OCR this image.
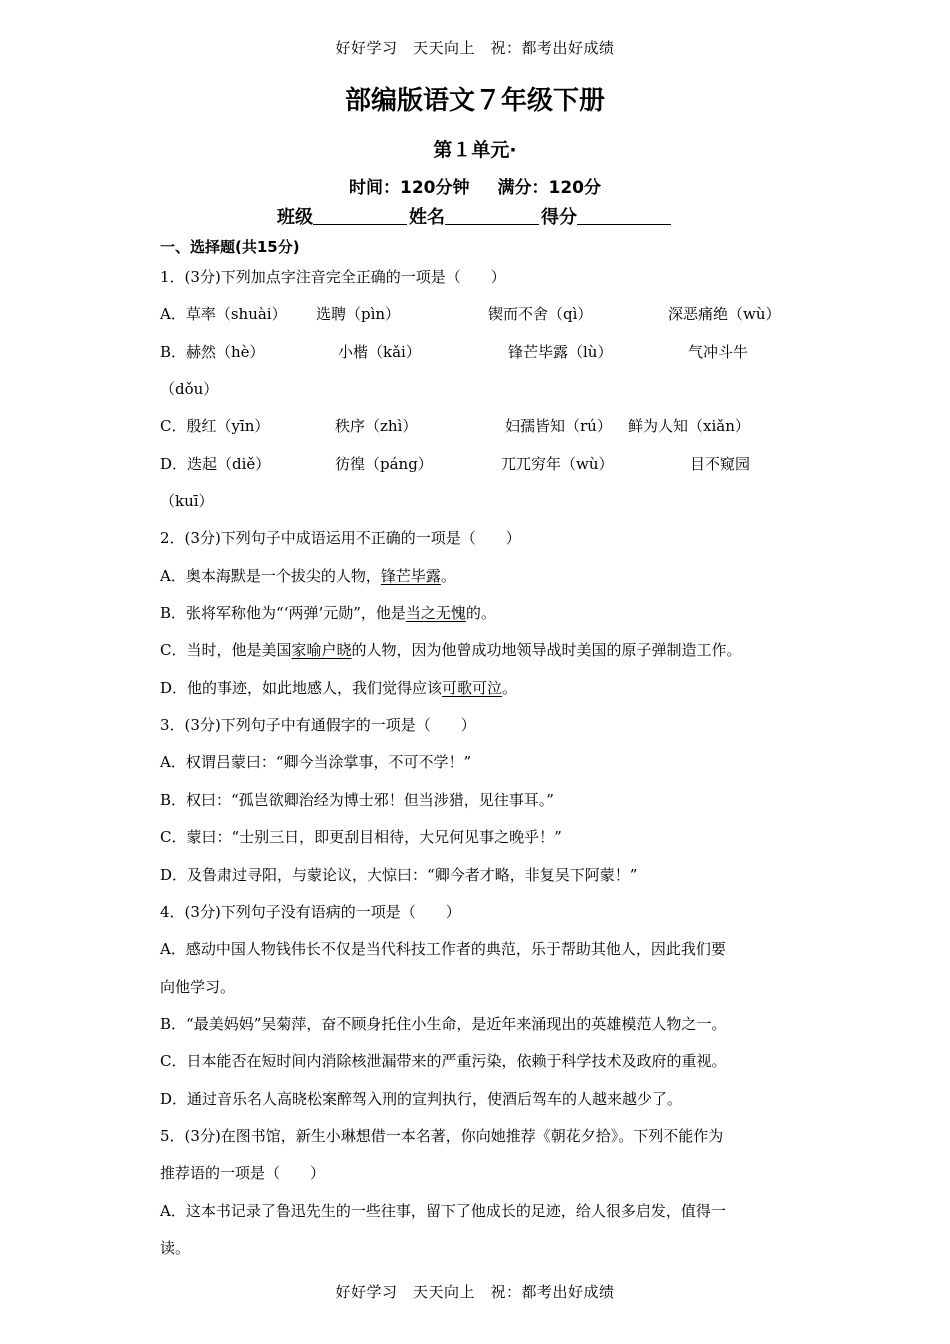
好好学习　天天向上　祝：都考出好成绩
部编版语文７年级下册
第１单元·
时间：120分钟 满分：120分
班级	姓名	得分
一、选择题(共15分)
1．(3分)下列加点字注音完全正确的一项是（　　）
A．草率（shuài） 选聘（pìn）	锲而不舍（qì）	深恶痛绝（wù）
B．赫然（hè）	小楷（kǎi）	锋芒毕露（lù）	气冲斗牛
（dǒu）
C．殷红（yīn）	秩序（zhì）	妇孺皆知（rú） 鲜为人知（xiǎn）
D．迭起（diě）	彷徨（páng）	兀兀穷年（wù）	目不窥园
（kuī）
2．(3分)下列句子中成语运用不正确的一项是（　　）
A．奥本海默是一个拔尖的人物，锋芒毕露。
B．张将军称他为“‘两弹’元勋”，他是当之无愧的。
C．当时，他是美国家喻户晓的人物，因为他曾成功地领导战时美国的原子弹制造工作。
D．他的事迹，如此地感人，我们觉得应该可歌可泣。
3．(3分)下列句子中有通假字的一项是（　　）
A．权谓吕蒙曰：“卿今当涂掌事，不可不学！”
B．权曰：“孤岂欲卿治经为博士邪！但当涉猎，见往事耳。”
C．蒙曰：“士别三日，即更刮目相待，大兄何见事之晚乎！”
D．及鲁肃过寻阳，与蒙论议，大惊曰：“卿今者才略，非复吴下阿蒙！”
4．(3分)下列句子没有语病的一项是（　　）
A．感动中国人物钱伟长不仅是当代科技工作者的典范，乐于帮助其他人，因此我们要
向他学习。
B．“最美妈妈”吴菊萍，奋不顾身托住小生命，是近年来涌现出的英雄模范人物之一。
C．日本能否在短时间内消除核泄漏带来的严重污染，依赖于科学技术及政府的重视。
D．通过音乐名人高晓松案醉驾入刑的宣判执行，使酒后驾车的人越来越少了。
5．(3分)在图书馆，新生小琳想借一本名著，你向她推荐《朝花夕拾》。下列不能作为
推荐语的一项是（　　）
A．这本书记录了鲁迅先生的一些往事，留下了他成长的足迹，给人很多启发，值得一
读。
好好学习　天天向上　祝：都考出好成绩
